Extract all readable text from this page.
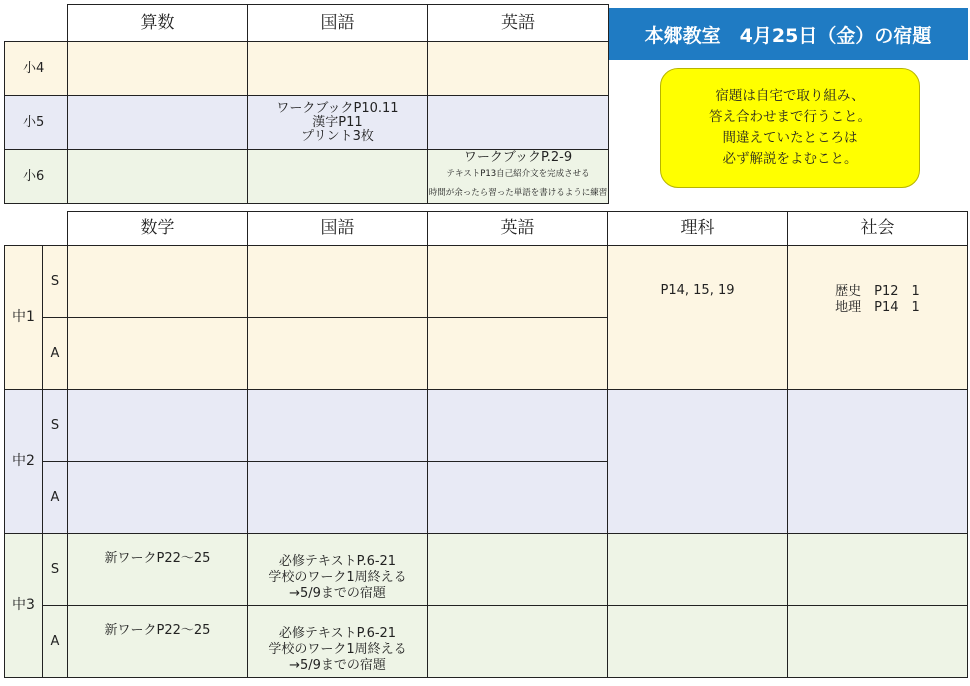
本郷教室　4月25日（金）の宿題
宿題は自宅で取り組み、
答え合わせまで行うこと。
間違えていたところは
必ず解説をよむこと。
	算数	国語	英語
小4			
小5		ワークブックP10.11
漢字P11
プリント3枚	

小6			ワークブックP.2-9
テキストP13自己紹介文を完成させる
時間が余ったら習った単語を書けるように練習
		数学	国語	英語	理科	社会
中1	S				P14, 15, 19	歴史　P12　1
地理　P14　1

	A					
中2	S					
	A					
中3	S	新ワークP22～25	必修テキストP.6-21
学校のワーク1周終える
→5/9までの宿題			

	A	新ワークP22～25	必修テキストP.6-21
学校のワーク1周終える
→5/9までの宿題			
